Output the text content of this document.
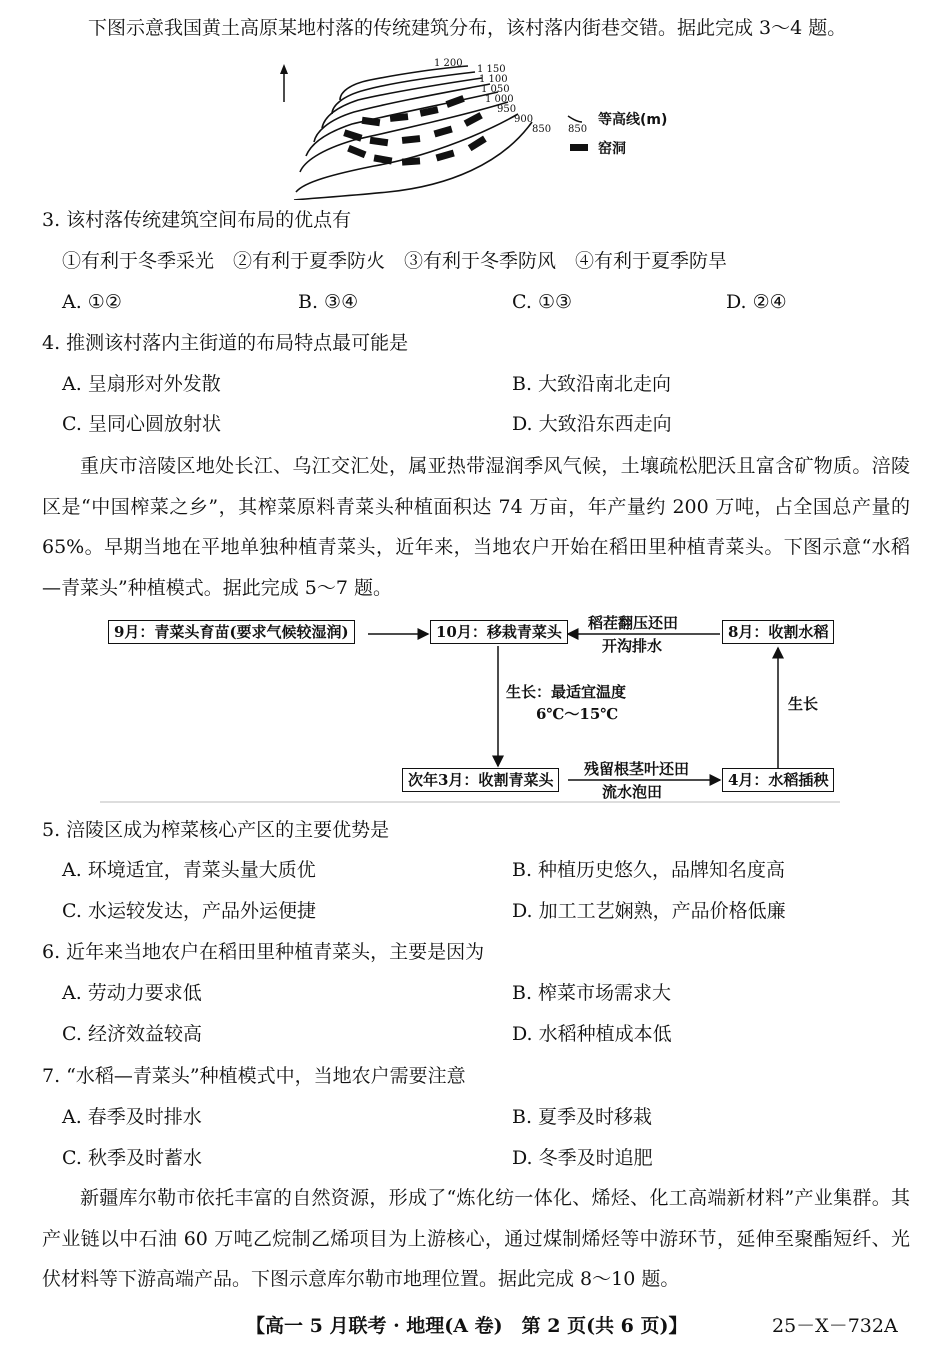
下图示意我国黄土高原某地村落的传统建筑分布，该村落内街巷交错。据此完成 3～4 题。
1 200
1 150
1 100
1 050
1 000
950
900
850 850
等高线(m)
窑洞
3. 该村落传统建筑空间布局的优点有
①有利于冬季采光　②有利于夏季防火　③有利于冬季防风　④有利于夏季防旱
A. ①②	B. ③④	C. ①③	D. ②④
4. 推测该村落内主街道的布局特点最可能是
A. 呈扇形对外发散	B. 大致沿南北走向
C. 呈同心圆放射状	D. 大致沿东西走向
重庆市涪陵区地处长江、乌江交汇处，属亚热带湿润季风气候，土壤疏松肥沃且富含矿物质。涪陵区是“中国榨菜之乡”，其榨菜原料青菜头种植面积达 74 万亩，年产量约 200 万吨，占全国总产量的 65%。早期当地在平地单独种植青菜头，近年来，当地农户开始在稻田里种植青菜头。下图示意“水稻—青菜头”种植模式。据此完成 5～7 题。
9月：青菜头育苗(要求气候较湿润)	10月：移栽青菜头	8月：收割水稻
次年3月：收割青菜头	4月：水稻插秧
稻茬翻压还田
开沟排水
生长：最适宜温度
6℃～15℃
生长
残留根茎叶还田
流水泡田
5. 涪陵区成为榨菜核心产区的主要优势是
A. 环境适宜，青菜头量大质优	B. 种植历史悠久，品牌知名度高
C. 水运较发达，产品外运便捷	D. 加工工艺娴熟，产品价格低廉
6. 近年来当地农户在稻田里种植青菜头，主要是因为
A. 劳动力要求低	B. 榨菜市场需求大
C. 经济效益较高	D. 水稻种植成本低
7. “水稻—青菜头”种植模式中，当地农户需要注意
A. 春季及时排水	B. 夏季及时移栽
C. 秋季及时蓄水	D. 冬季及时追肥
新疆库尔勒市依托丰富的自然资源，形成了“炼化纺一体化、烯烃、化工高端新材料”产业集群。其产业链以中石油 60 万吨乙烷制乙烯项目为上游核心，通过煤制烯烃等中游环节，延伸至聚酯短纤、光伏材料等下游高端产品。下图示意库尔勒市地理位置。据此完成 8～10 题。
【高一 5 月联考 · 地理(A 卷)　第 2 页(共 6 页)】	25－X－732A
